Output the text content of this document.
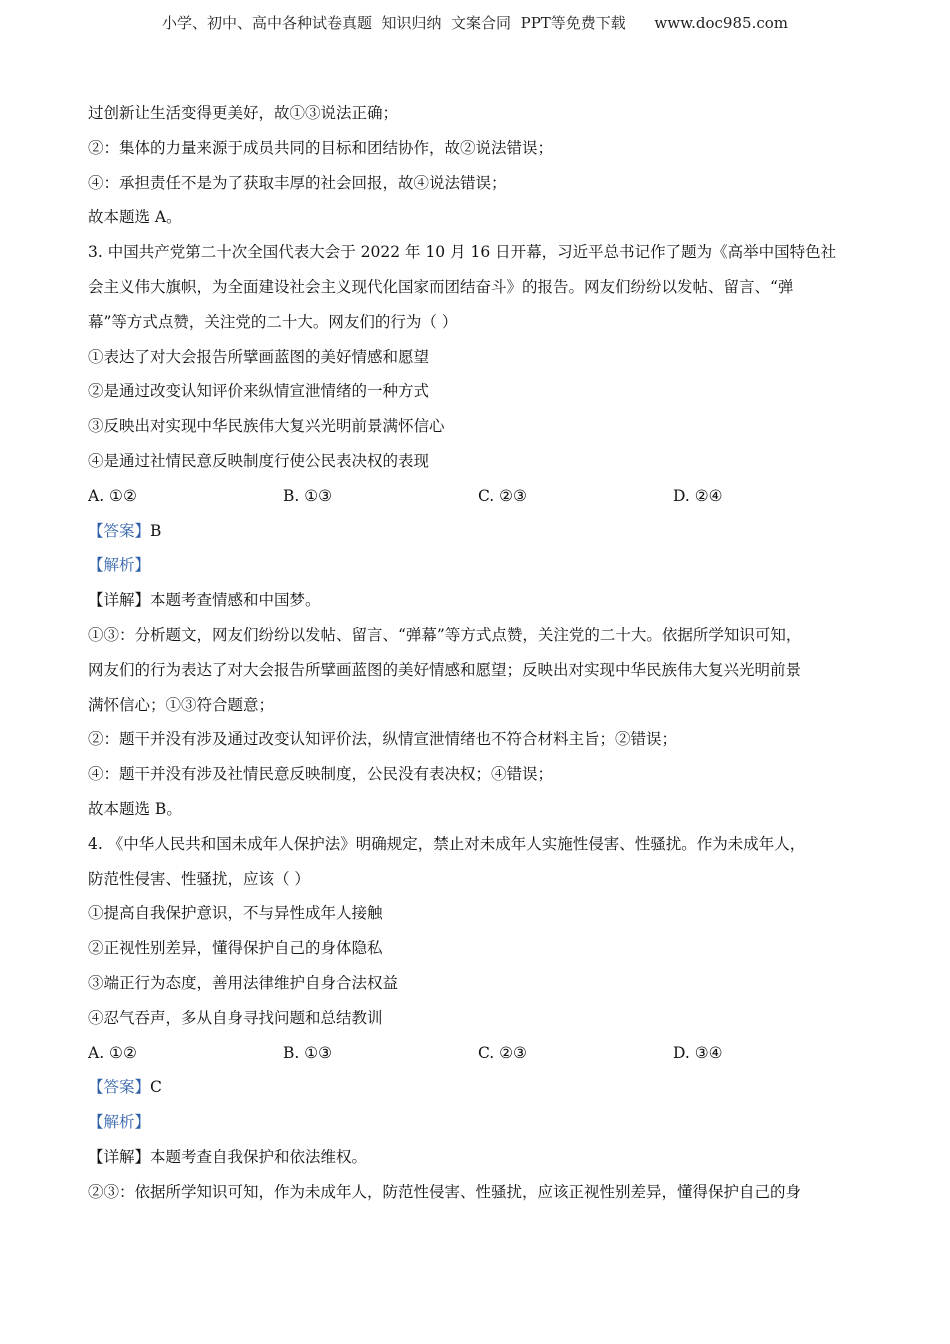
小学、初中、高中各种试卷真题  知识归纳  文案合同  PPT等免费下载      www.doc985.com
过创新让生活变得更美好，故①③说法正确；
②：集体的力量来源于成员共同的目标和团结协作，故②说法错误；
④：承担责任不是为了获取丰厚的社会回报，故④说法错误；
故本题选 A。
3. 中国共产党第二十次全国代表大会于 2022 年 10 月 16 日开幕，习近平总书记作了题为《高举中国特色社
会主义伟大旗帜，为全面建设社会主义现代化国家而团结奋斗》的报告。网友们纷纷以发帖、留言、“弹
幕”等方式点赞，关注党的二十大。网友们的行为（ ）
①表达了对大会报告所擘画蓝图的美好情感和愿望
②是通过改变认知评价来纵情宣泄情绪的一种方式
③反映出对实现中华民族伟大复兴光明前景满怀信心
④是通过社情民意反映制度行使公民表决权的表现
A. ①②	B. ①③	C. ②③	D. ②④
【答案】B
【解析】
【详解】本题考查情感和中国梦。
①③：分析题文，网友们纷纷以发帖、留言、“弹幕”等方式点赞，关注党的二十大。依据所学知识可知，
网友们的行为表达了对大会报告所擘画蓝图的美好情感和愿望；反映出对实现中华民族伟大复兴光明前景
满怀信心；①③符合题意；
②：题干并没有涉及通过改变认知评价法，纵情宣泄情绪也不符合材料主旨；②错误；
④：题干并没有涉及社情民意反映制度，公民没有表决权；④错误；
故本题选 B。
4. 《中华人民共和国未成年人保护法》明确规定，禁止对未成年人实施性侵害、性骚扰。作为未成年人，
防范性侵害、性骚扰，应该（ ）
①提高自我保护意识，不与异性成年人接触
②正视性别差异，懂得保护自己的身体隐私
③端正行为态度，善用法律维护自身合法权益
④忍气吞声，多从自身寻找问题和总结教训
A. ①②	B. ①③	C. ②③	D. ③④
【答案】C
【解析】
【详解】本题考查自我保护和依法维权。
②③：依据所学知识可知，作为未成年人，防范性侵害、性骚扰，应该正视性别差异，懂得保护自己的身
